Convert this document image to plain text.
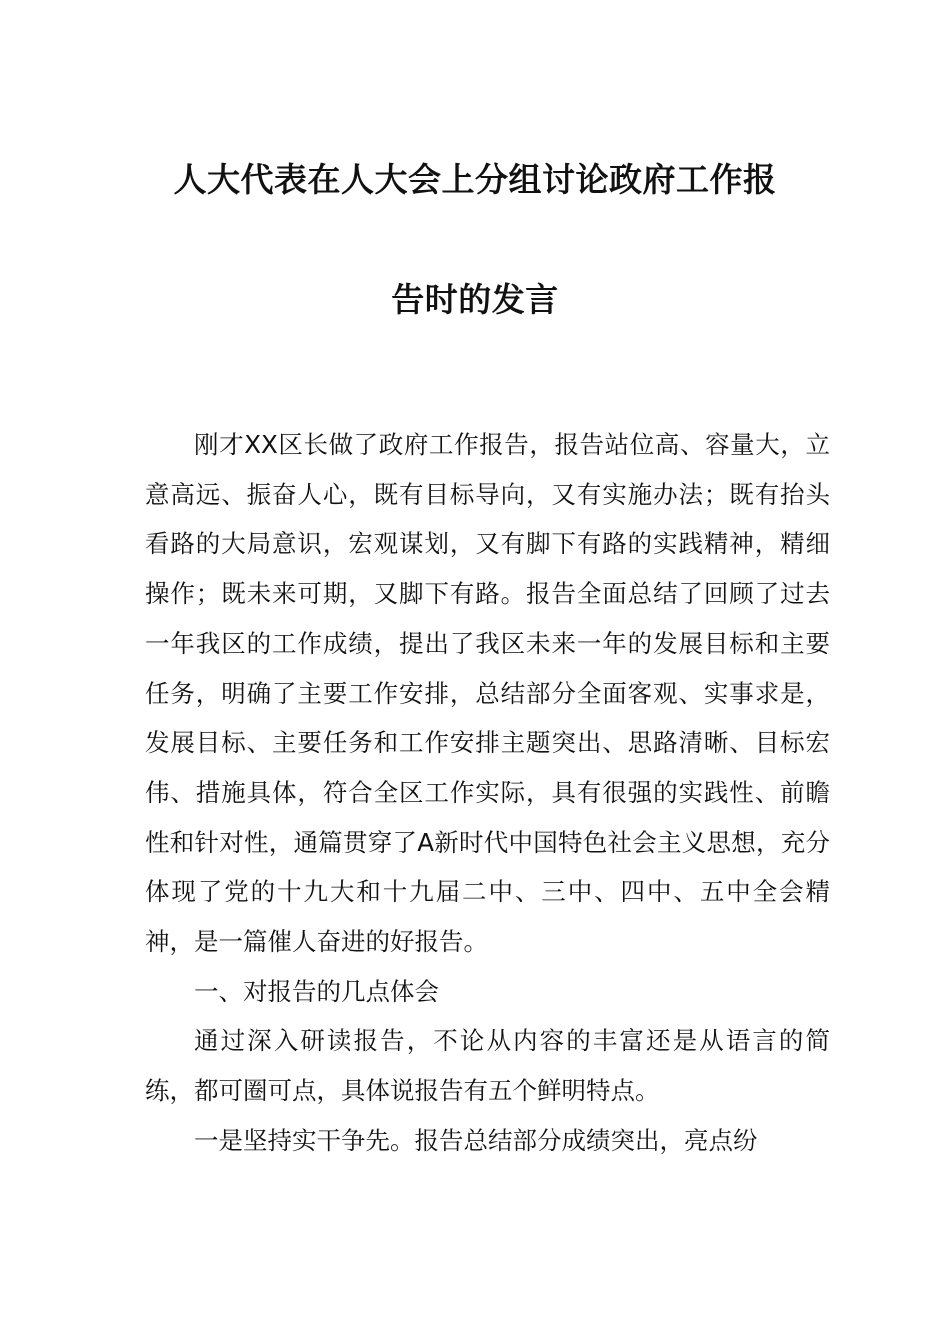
人大代表在人大会上分组讨论政府工作报
告时的发言

刚才XX区长做了政府工作报告，报告站位高、容量大，立意高远、振奋人心，既有目标导向，又有实施办法；既有抬头看路的大局意识，宏观谋划，又有脚下有路的实践精神，精细操作；既未来可期，又脚下有路。报告全面总结了回顾了过去一年我区的工作成绩，提出了我区未来一年的发展目标和主要任务，明确了主要工作安排，总结部分全面客观、实事求是，发展目标、主要任务和工作安排主题突出、思路清晰、目标宏伟、措施具体，符合全区工作实际，具有很强的实践性、前瞻性和针对性，通篇贯穿了A新时代中国特色社会主义思想，充分体现了党的十九大和十九届二中、三中、四中、五中全会精神，是一篇催人奋进的好报告。

一、对报告的几点体会

通过深入研读报告，不论从内容的丰富还是从语言的简练，都可圈可点，具体说报告有五个鲜明特点。

一是坚持实干争先。报告总结部分成绩突出，亮点纷
